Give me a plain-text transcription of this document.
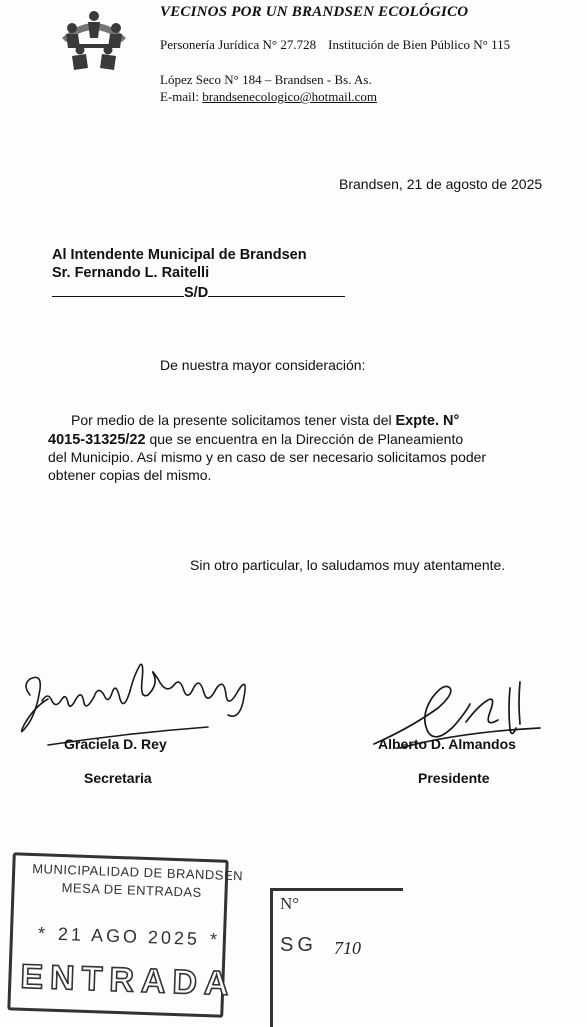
VECINOS POR UN BRANDSEN ECOLÓGICO
Personería Jurídica N° 27.728 Institución de Bien Público N° 115
López Seco N° 184 – Brandsen - Bs. As.
E-mail: brandsenecologico@hotmail.com
Brandsen, 21 de agosto de 2025
Al Intendente Municipal de Brandsen
Sr. Fernando L. Raitelli
S/D
De nuestra mayor consideración:
Por medio de la presente solicitamos tener vista del Expte. N°
4015-31325/22 que se encuentra en la Dirección de Planeamiento
del Municipio. Así mismo y en caso de ser necesario solicitamos poder
obtener copias del mismo.
Sin otro particular, lo saludamos muy atentamente.
Graciela D. Rey
Secretaria
Alberto D. Almandos
Presidente
MUNICIPALIDAD DE BRANDSEN
MESA DE ENTRADAS
* 21 AGO 2025 *
ENTRADA
N°
SG 710
